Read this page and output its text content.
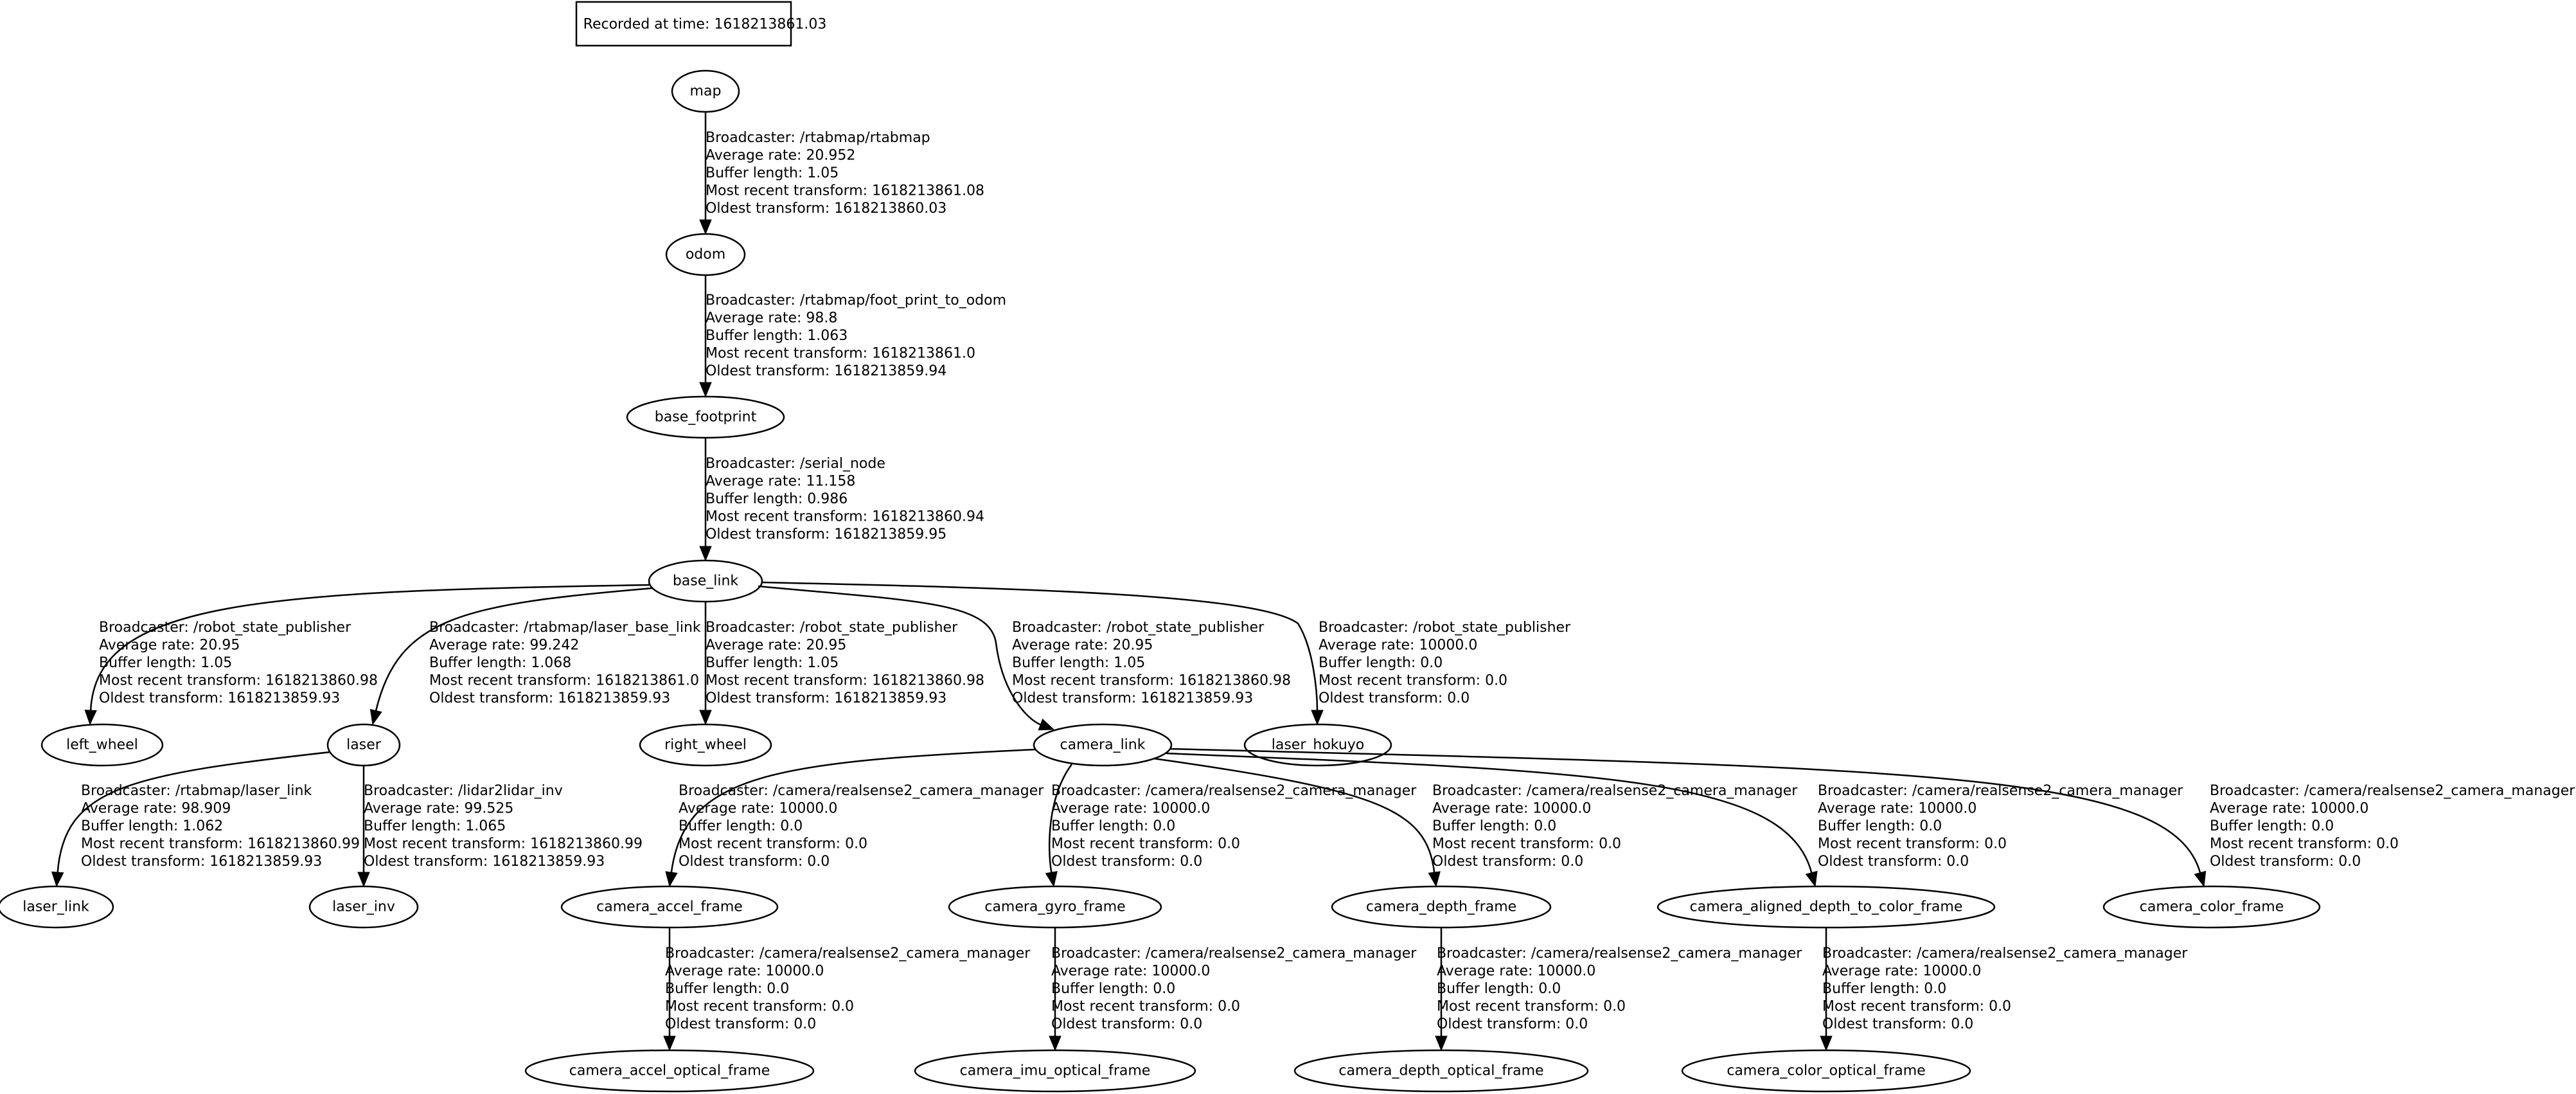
Recorded at time: 1618213861.03
Broadcaster: /rtabmap/rtabmap Average rate: 20.952 Buffer length: 1.05 Most recent transform: 1618213861.08 Oldest transform: 1618213860.03
Broadcaster: /rtabmap/foot_print_to_odom Average rate: 98.8 Buffer length: 1.063 Most recent transform: 1618213861.0 Oldest transform: 1618213859.94
Broadcaster: /serial_node Average rate: 11.158 Buffer length: 0.986 Most recent transform: 1618213860.94 Oldest transform: 1618213859.95
Broadcaster: /robot_state_publisher Average rate: 20.95 Buffer length: 1.05 Most recent transform: 1618213860.98 Oldest transform: 1618213859.93
Broadcaster: /rtabmap/laser_base_link Average rate: 99.242 Buffer length: 1.068 Most recent transform: 1618213861.0 Oldest transform: 1618213859.93
Broadcaster: /robot_state_publisher Average rate: 20.95 Buffer length: 1.05 Most recent transform: 1618213860.98 Oldest transform: 1618213859.93
Broadcaster: /robot_state_publisher Average rate: 20.95 Buffer length: 1.05 Most recent transform: 1618213860.98 Oldest transform: 1618213859.93
Broadcaster: /robot_state_publisher Average rate: 10000.0 Buffer length: 0.0 Most recent transform: 0.0 Oldest transform: 0.0
Broadcaster: /rtabmap/laser_link Average rate: 98.909 Buffer length: 1.062 Most recent transform: 1618213860.99 Oldest transform: 1618213859.93
Broadcaster: /lidar2lidar_inv Average rate: 99.525 Buffer length: 1.065 Most recent transform: 1618213860.99 Oldest transform: 1618213859.93
Broadcaster: /camera/realsense2_camera_manager Average rate: 10000.0 Buffer length: 0.0 Most recent transform: 0.0 Oldest transform: 0.0
Broadcaster: /camera/realsense2_camera_manager Average rate: 10000.0 Buffer length: 0.0 Most recent transform: 0.0 Oldest transform: 0.0
Broadcaster: /camera/realsense2_camera_manager Average rate: 10000.0 Buffer length: 0.0 Most recent transform: 0.0 Oldest transform: 0.0
Broadcaster: /camera/realsense2_camera_manager Average rate: 10000.0 Buffer length: 0.0 Most recent transform: 0.0 Oldest transform: 0.0
Broadcaster: /camera/realsense2_camera_manager Average rate: 10000.0 Buffer length: 0.0 Most recent transform: 0.0 Oldest transform: 0.0
Broadcaster: /camera/realsense2_camera_manager Average rate: 10000.0 Buffer length: 0.0 Most recent transform: 0.0 Oldest transform: 0.0
Broadcaster: /camera/realsense2_camera_manager Average rate: 10000.0 Buffer length: 0.0 Most recent transform: 0.0 Oldest transform: 0.0
Broadcaster: /camera/realsense2_camera_manager Average rate: 10000.0 Buffer length: 0.0 Most recent transform: 0.0 Oldest transform: 0.0
Broadcaster: /camera/realsense2_camera_manager Average rate: 10000.0 Buffer length: 0.0 Most recent transform: 0.0 Oldest transform: 0.0
map
odom
base_footprint
base_link
left_wheel	laser	right_wheel	camera_link	laser_hokuyo
laser_link	laser_inv	camera_accel_frame	camera_gyro_frame	camera_depth_frame	camera_aligned_depth_to_color_frame	camera_color_frame
camera_accel_optical_frame	camera_imu_optical_frame	camera_depth_optical_frame	camera_color_optical_frame
